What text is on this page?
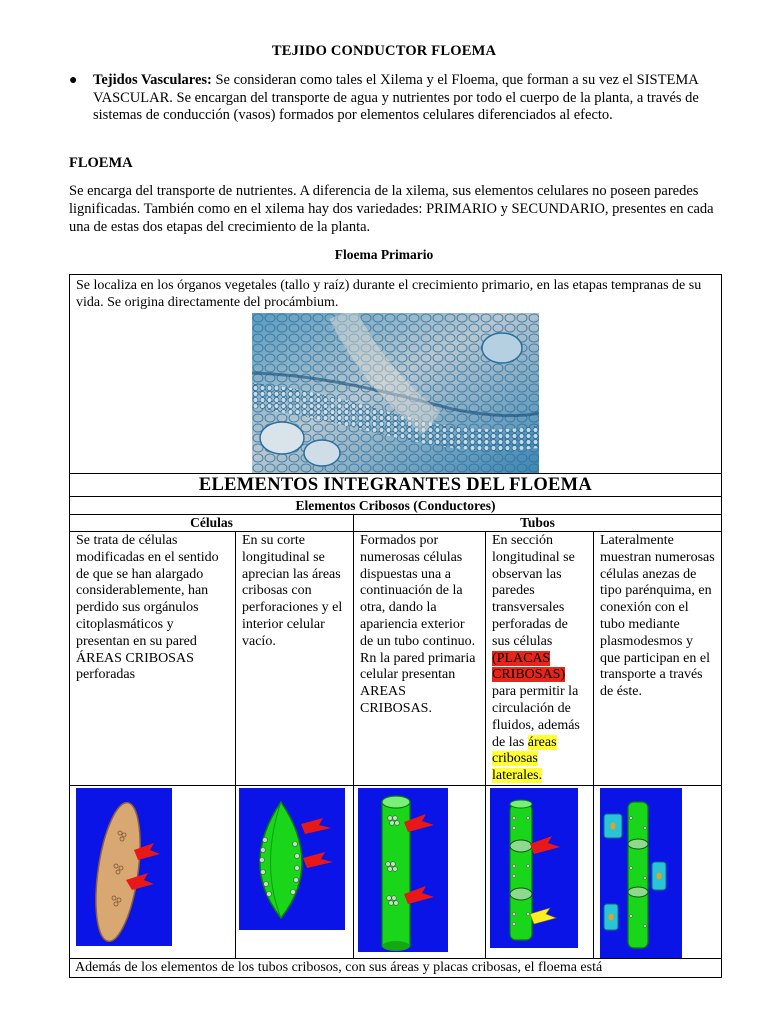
TEJIDO CONDUCTOR FLOEMA
● Tejidos Vasculares: Se consideran como tales el Xilema y el Floema, que forman a su vez el SISTEMA VASCULAR. Se encargan del transporte de agua y nutrientes por todo el cuerpo de la planta, a través de sistemas de conducción (vasos) formados por elementos celulares diferenciados al efecto.
FLOEMA
Se encarga del transporte de nutrientes. A diferencia de la xilema, sus elementos celulares no poseen paredes lignificadas. También como en el xilema hay dos variedades: PRIMARIO y SECUNDARIO, presentes en cada una de estas dos etapas del crecimiento de la planta.
Floema Primario
Se localiza en los órganos vegetales (tallo y raíz) durante el crecimiento primario, en las etapas tempranas de su vida. Se origina directamente del procámbium.				

ELEMENTOS INTEGRANTES DEL FLOEMA				
Elementos Cribosos (Conductores)				
Células		Tubos		
Se trata de células modificadas en el sentido de que se han alargado considerablemente, han perdido sus orgánulos citoplasmáticos y presentan en su pared ÁREAS CRIBOSAS perforadas	En su corte longitudinal se aprecian las áreas cribosas con perforaciones y el interior celular vacío.	Formados por numerosas células dispuestas una a continuación de la otra, dando la apariencia exterior de un tubo continuo. Rn la pared primaria celular presentan AREAS CRIBOSAS.	En sección longitudinal se observan las paredes transversales perforadas de sus células (PLACAS CRIBOSAS) para permitir la circulación de fluidos, además de las áreas cribosas laterales.	Lateralmente muestran numerosas células anezas de tipo parénquima, en conexión con el tubo mediante plasmodesmos y que participan en el transporte a través de éste.

Además de los elementos de los tubos cribosos, con sus áreas y placas cribosas, el floema está				
